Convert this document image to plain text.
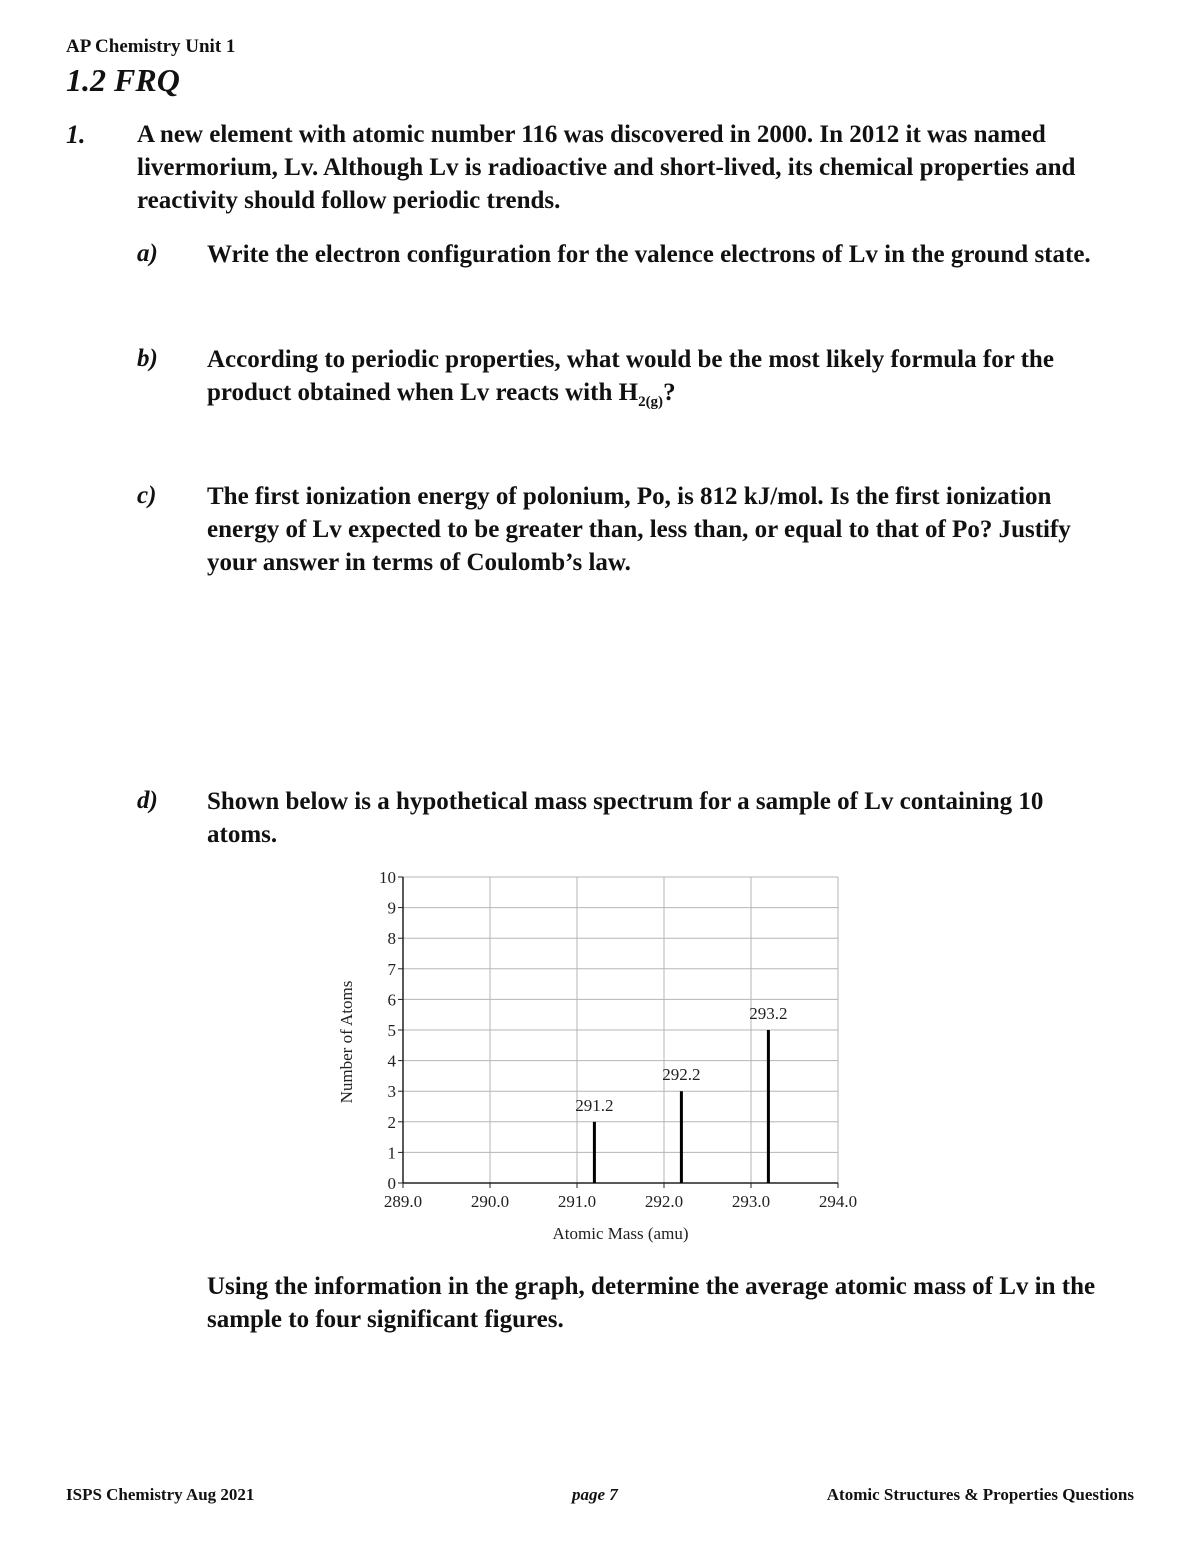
AP Chemistry Unit 1
1.2 FRQ
1. A new element with atomic number 116 was discovered in 2000. In 2012 it was named livermorium, Lv. Although Lv is radioactive and short-lived, its chemical properties and reactivity should follow periodic trends.
a) Write the electron configuration for the valence electrons of Lv in the ground state.
b) According to periodic properties, what would be the most likely formula for the product obtained when Lv reacts with $H_{2(g)}$?
c) The first ionization energy of polonium, Po, is 812 kJ/mol. Is the first ionization energy of Lv expected to be greater than, less than, or equal to that of Po? Justify your answer in terms of Coulomb’s law.
d) Shown below is a hypothetical mass spectrum for a sample of Lv containing 10 atoms.
0
1
2
3
4
5
6
7
8
9
10
289.0	290.0	291.0	292.0	293.0	294.0
291.2
292.2
293.2
Atomic Mass (amu)
Number of Atoms
Using the information in the graph, determine the average atomic mass of Lv in the sample to four significant figures.
ISPS Chemistry Aug 2021	page 7	Atomic Structures & Properties Questions
